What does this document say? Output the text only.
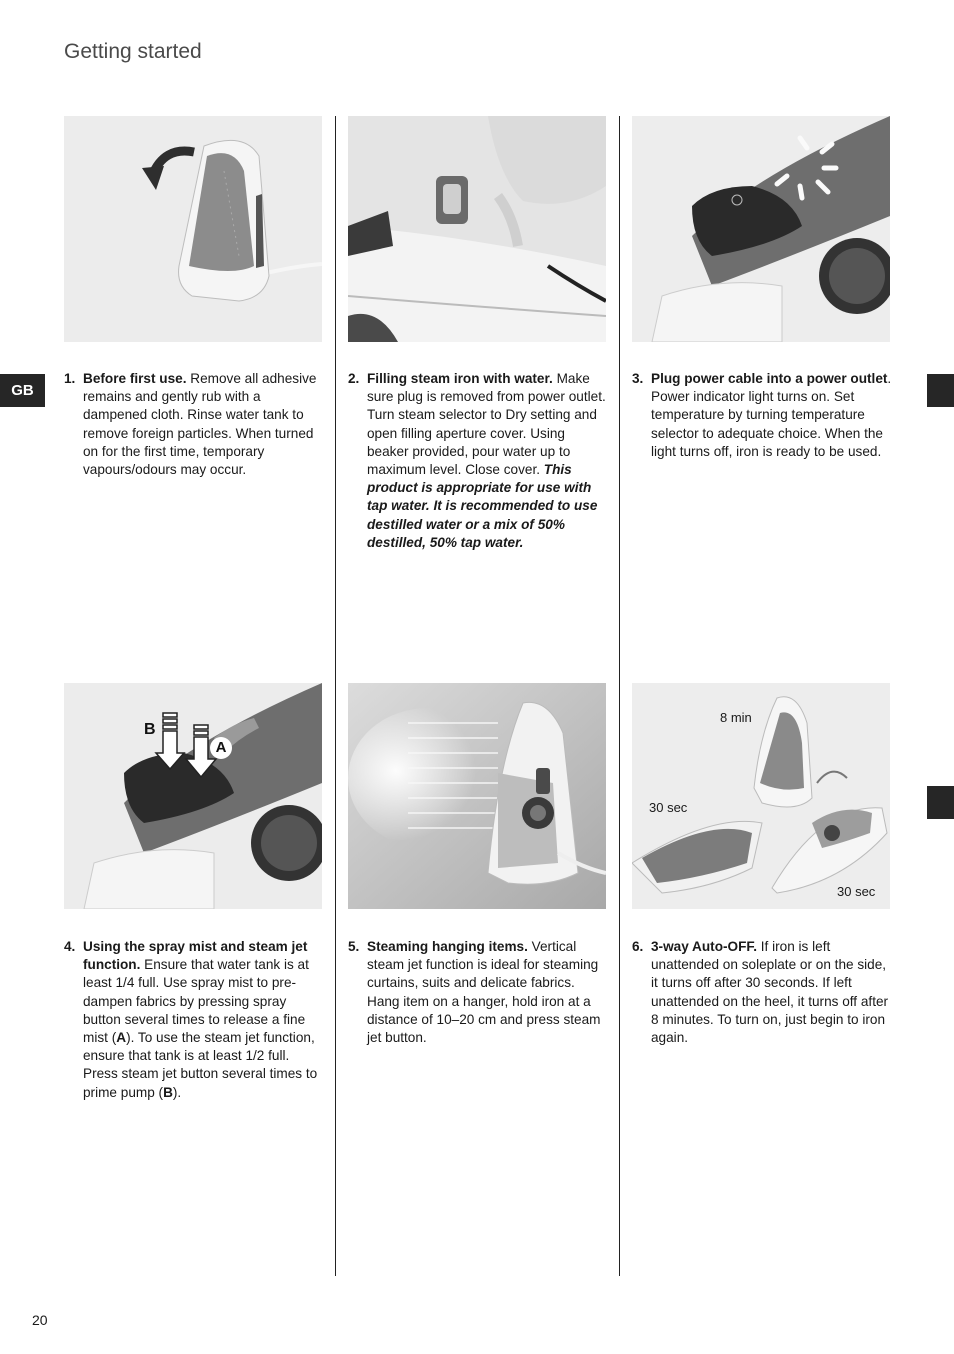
Getting started
GB
1. Before first use. Remove all adhesive remains and gently rub with a dampened cloth. Rinse water tank to remove foreign particles. When turned on for the first time, temporary vapours/odours may occur.
2. Filling steam iron with water. Make sure plug is removed from power outlet. Turn steam selector to Dry setting and open filling aperture cover. Using beaker provided, pour water up to maximum level. Close cover. This product is appropriate for use with tap water. It is recommended to use destilled water or a mix of 50% destilled, 50% tap water.
3. Plug power cable into a power outlet. Power indicator light turns on. Set temperature by turning temperature selector to adequate choice. When the light turns off, iron is ready to be used.
B
A
8 min
30 sec
30 sec
4. Using the spray mist and steam jet function. Ensure that water tank is at least 1/4 full. Use spray mist to pre-dampen fabrics by pressing spray button several times to release a fine mist (A). To use the steam jet function, ensure that tank is at least 1/2 full. Press steam jet button several times to prime pump (B).
5. Steaming hanging items. Vertical steam jet function is ideal for steaming curtains, suits and delicate fabrics. Hang item on a hanger, hold iron at a distance of 10–20 cm and press steam jet button.
6. 3-way Auto-OFF. If iron is left unattended on soleplate or on the side, it turns off after 30 seconds. If left unattended on the heel, it turns off after 8 minutes. To turn on, just begin to iron again.
20
